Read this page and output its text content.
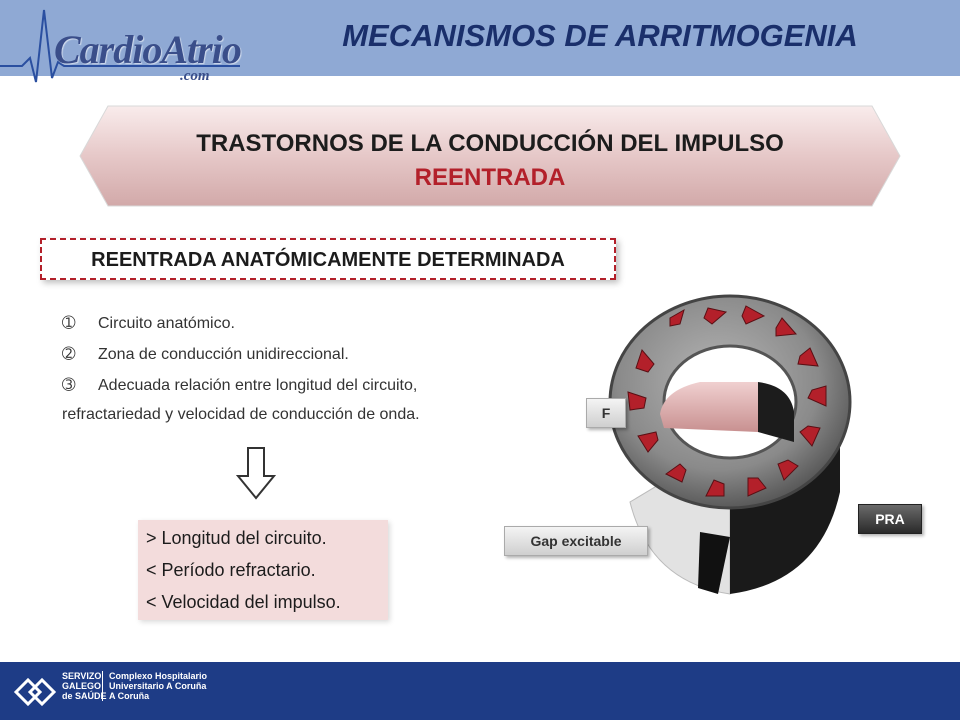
CardioAtrio
.com
MECANISMOS DE ARRITMOGENIA
TRASTORNOS DE LA CONDUCCIÓN DEL IMPULSO
REENTRADA
REENTRADA ANATÓMICAMENTE DETERMINADA
➀ Circuito anatómico.
➁ Zona de conducción unidireccional.
➂ Adecuada relación entre longitud del circuito,
refractariedad y velocidad de conducción de onda.
> Longitud del circuito.
< Período refractario.
< Velocidad del impulso.
F
Gap excitable
PRA
SERVIZO
GALEGO
de SAÚDE
Complexo Hospitalario
Universitario A Coruña
A Coruña
